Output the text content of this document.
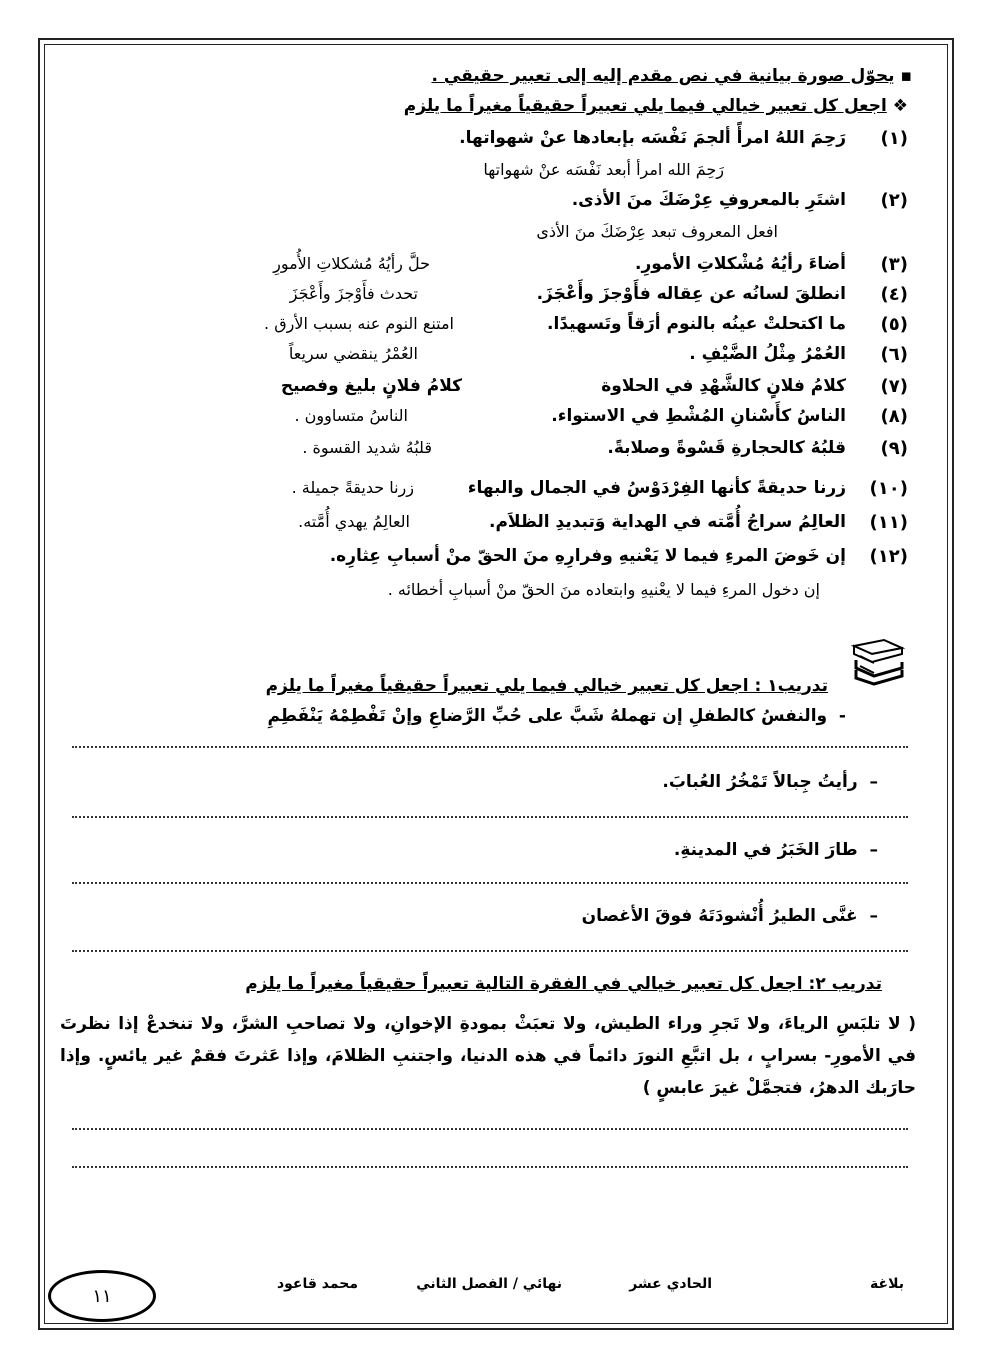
▪ يحوّل صورة بيانية في نص مقدم إليه إلى تعبير حقيقي .
❖ اجعل كل تعبير خيالي فيما يلي تعبيراً حقيقياً مغيراً ما يلزم
(١)
رَحِمَ اللهُ امرأً ألجمَ نَفْسَه بإبعادها عنْ شهواتها.
رَحِمَ الله امرأ أبعد نَفْسَه عنْ شهواتها
(٢)
اشتَرِ بالمعروفِ عِرْضَكَ منَ الأذى.
افعل المعروف تبعد عِرْضَكَ منَ الأذى
(٣)
أضاءَ رأيُهُ مُشْكلاتِ الأمورِ.
حلَّ رأيُهُ مُشكلاتِ الأُمورِ
(٤)
انطلقَ لسانُه عن عِقاله فأَوْجزَ وأَعْجَزَ.
تحدث فأَوْجزَ وأَعْجَزَ
(٥)
ما اكتحلتْ عينُه بالنوم أرَقاً وتَسهيدًا.
امتنع النوم عنه بسبب الأرق .
(٦)
العُمْرُ مِثْلُ الضَّيْفِ .
العُمْرُ ينقضي سريعاً
(٧)
كلامُ فلانٍ كالشَّهْدِ في الحلاوة
كلامُ فلانٍ بليغ وفصيح
(٨)
الناسُ كأَسْنانِ المُشْطِ في الاستواء.
الناسُ متساوون .
(٩)
قلبُهُ كالحجارةِ قَسْوةً وصلابةً.
قلبُهُ شديد القسوة .
(١٠)
زرنا حديقةً كأنها الفِرْدَوْسُ في الجمال والبهاء
زرنا حديقةً جميلة .
(١١)
العالِمُ سراجُ أُمَّته في الهداية وَتبديدِ الظلاَم.
العالِمُ يهدي أُمَّته.
(١٢)
إن خَوضَ المرءِ فيما لا يَعْنيهِ وفرارِهِ منَ الحقّ منْ أسبابِ عِثارِه.
إن دخول المرءِ فيما لا يعْنيهِ وابتعاده منَ الحقّ منْ أسبابِ أخطائه .
تدريب١ : اجعل كل تعبير خيالي فيما يلي تعبيراً حقيقياً مغيراً ما يلزم
-  والنفسُ كالطفلِ إن تهملهُ شَبَّ على حُبِّ الرَّضاعِ وإنْ تَفْطِمْهُ يَنْفَطِمِ
–  رأيتُ جِبالاً تَمْخُرُ العُبابَ.
–  طارَ الخَبَرُ في المدينةِ.
–  غنَّى الطيرُ أُنْشودَتَهُ فوقَ الأغصان
تدريب ٢: اجعل كل تعبير خيالي في الفقرة التالية تعبيراً حقيقياً مغيراً ما يلزم
( لا تلبَسِ الرياءَ، ولا تَجرِ وراء الطيش، ولا تعبَثْ بمودةِ الإخوانِ، ولا تصاحبِ الشرَّ، ولا تنخدعْ إذا نظرتَ في الأمورِ- بسرابٍ ، بل اتبَّعِ النورَ دائماً في هذه الدنيا، واجتنبِ الظلامَ، وإذا عَثرتَ فقمْ غير يائسٍ. وإذا حارَبك الدهرُ، فتجمَّلْ غيرَ عابسٍ )
بلاغة
الحادي عشر
نهائي / الفصل الثاني
محمد قاعود
١١
